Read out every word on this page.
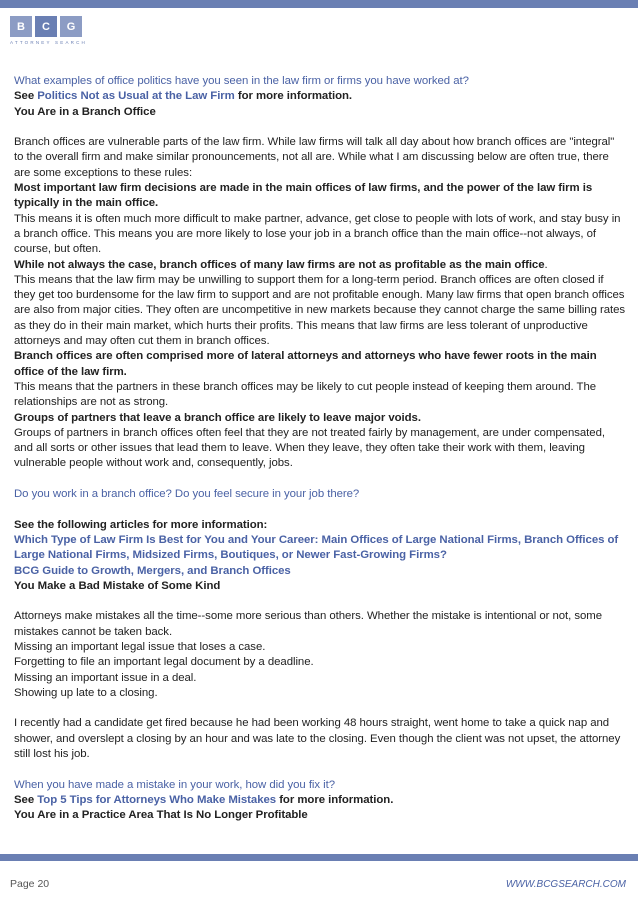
B	C	G
ATTORNEY SEARCH

What examples of office politics have you seen in the law firm or firms you have worked at?

See Politics Not as Usual at the Law Firm for more information.

You Are in a Branch Office

Branch offices are vulnerable parts of the law firm. While law firms will talk all day about how branch offices are "integral" to the overall firm and make similar pronouncements, not all are. While what I am discussing below are often true, there are some exceptions to these rules:

Most important law firm decisions are made in the main offices of law firms, and the power of the law firm is typically in the main office.

This means it is often much more difficult to make partner, advance, get close to people with lots of work, and stay busy in a branch office. This means you are more likely to lose your job in a branch office than the main office--not always, of course, but often.

While not always the case, branch offices of many law firms are not as profitable as the main office.

This means that the law firm may be unwilling to support them for a long-term period. Branch offices are often closed if they get too burdensome for the law firm to support and are not profitable enough. Many law firms that open branch offices are also from major cities. They often are uncompetitive in new markets because they cannot charge the same billing rates as they do in their main market, which hurts their profits. This means that law firms are less tolerant of unproductive attorneys and may often cut them in branch offices.

Branch offices are often comprised more of lateral attorneys and attorneys who have fewer roots in the main office of the law firm.

This means that the partners in these branch offices may be likely to cut people instead of keeping them around. The relationships are not as strong.

Groups of partners that leave a branch office are likely to leave major voids.

Groups of partners in branch offices often feel that they are not treated fairly by management, are under compensated, and all sorts or other issues that lead them to leave. When they leave, they often take their work with them, leaving vulnerable people without work and, consequently, jobs.

Do you work in a branch office? Do you feel secure in your job there?

See the following articles for more information:

Which Type of Law Firm Is Best for You and Your Career: Main Offices of Large National Firms, Branch Offices of Large National Firms, Midsized Firms, Boutiques, or Newer Fast-Growing Firms?

BCG Guide to Growth, Mergers, and Branch Offices

You Make a Bad Mistake of Some Kind

Attorneys make mistakes all the time--some more serious than others. Whether the mistake is intentional or not, some mistakes cannot be taken back.

Missing an important legal issue that loses a case.

Forgetting to file an important legal document by a deadline.

Missing an important issue in a deal.

Showing up late to a closing.

I recently had a candidate get fired because he had been working 48 hours straight, went home to take a quick nap and shower, and overslept a closing by an hour and was late to the closing. Even though the client was not upset, the attorney still lost his job.

When you have made a mistake in your work, how did you fix it?

See Top 5 Tips for Attorneys Who Make Mistakes for more information.

You Are in a Practice Area That Is No Longer Profitable

Page 20	WWW.BCGSEARCH.COM
